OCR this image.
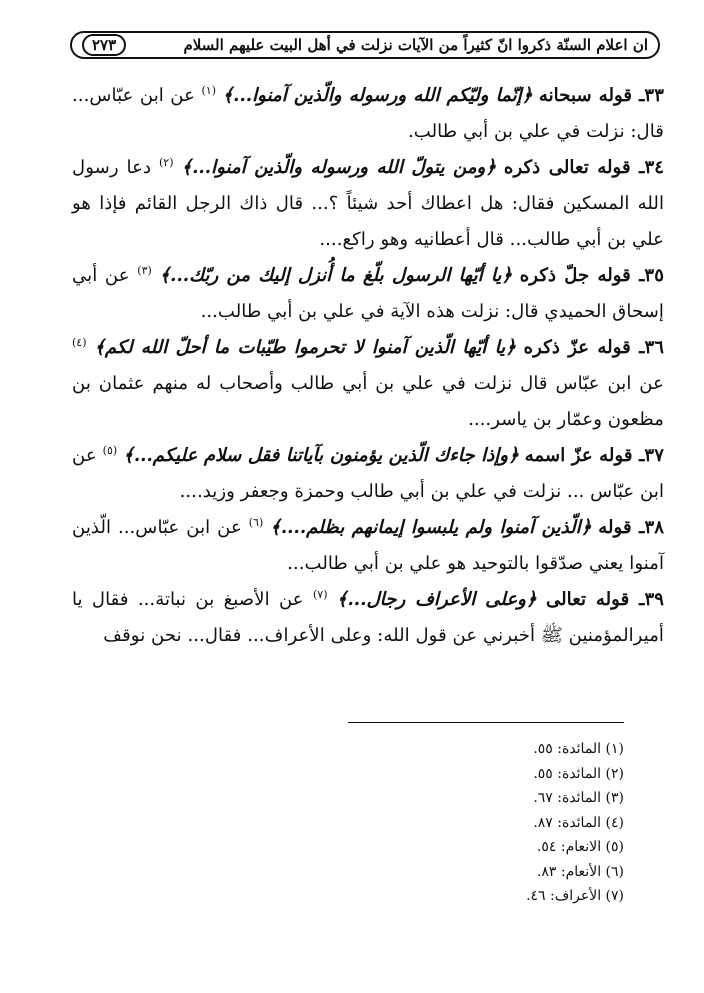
ان اعلام السنّة ذكروا انّ كثيراً من الآيات نزلت في أهل البيت عليهم السلام
٢٧٣

٣٣ـ قوله سبحانه ﴿إنّما وليّكم الله ورسوله والّذين آمنوا...﴾ $^{(١)}$ عن ابن عبّاس... قال: نزلت في علي بن أبي طالب.

٣٤ـ قوله تعالى ذكره ﴿ومن يتولّ الله ورسوله والّذين آمنوا...﴾ $^{(٢)}$ دعا رسول الله المسكين فقال: هل اعطاك أحد شيئاً ؟... قال ذاك الرجل القائم فإذا هو علي بن أبي طالب... قال أعطانيه وهو راكع....

٣٥ـ قوله جلّ ذكره ﴿يا أيّها الرسول بلّغ ما أُنزل إليك من ربّك...﴾ $^{(٣)}$ عن أبي إسحاق الحميدي قال: نزلت هذه الآية في علي بن أبي طالب...

٣٦ـ قوله عزّ ذكره ﴿يا أيّها الّذين آمنوا لا تحرموا طيّبات ما أحلّ الله لكم﴾ $^{(٤)}$ عن ابن عبّاس قال نزلت في علي بن أبي طالب وأصحاب له منهم عثمان بن مظعون وعمّار بن ياسر....

٣٧ـ قوله عزّ اسمه ﴿وإذا جاءك الّذين يؤمنون بآياتنا فقل سلام عليكم...﴾ $^{(٥)}$ عن ابن عبّاس ... نزلت في علي بن أبي طالب وحمزة وجعفر وزيد....

٣٨ـ قوله ﴿الّذين آمنوا ولم يلبسوا إيمانهم بظلم....﴾ $^{(٦)}$ عن ابن عبّاس... الّذين آمنوا يعني صدّقوا بالتوحيد هو علي بن أبي طالب...

٣٩ـ قوله تعالى ﴿وعلى الأعراف رجال...﴾ $^{(٧)}$ عن الأصبغ بن نباتة... فقال يا أميرالمؤمنين ﷺ أخبرني عن قول الله: وعلى الأعراف... فقال... نحن نوقف

(١) المائدة: ٥٥.

(٢) المائدة: ٥٥.

(٣) المائدة: ٦٧.

(٤) المائدة: ٨٧.

(٥) الانعام: ٥٤.

(٦) الأنعام: ٨٣.

(٧) الأعراف: ٤٦.
